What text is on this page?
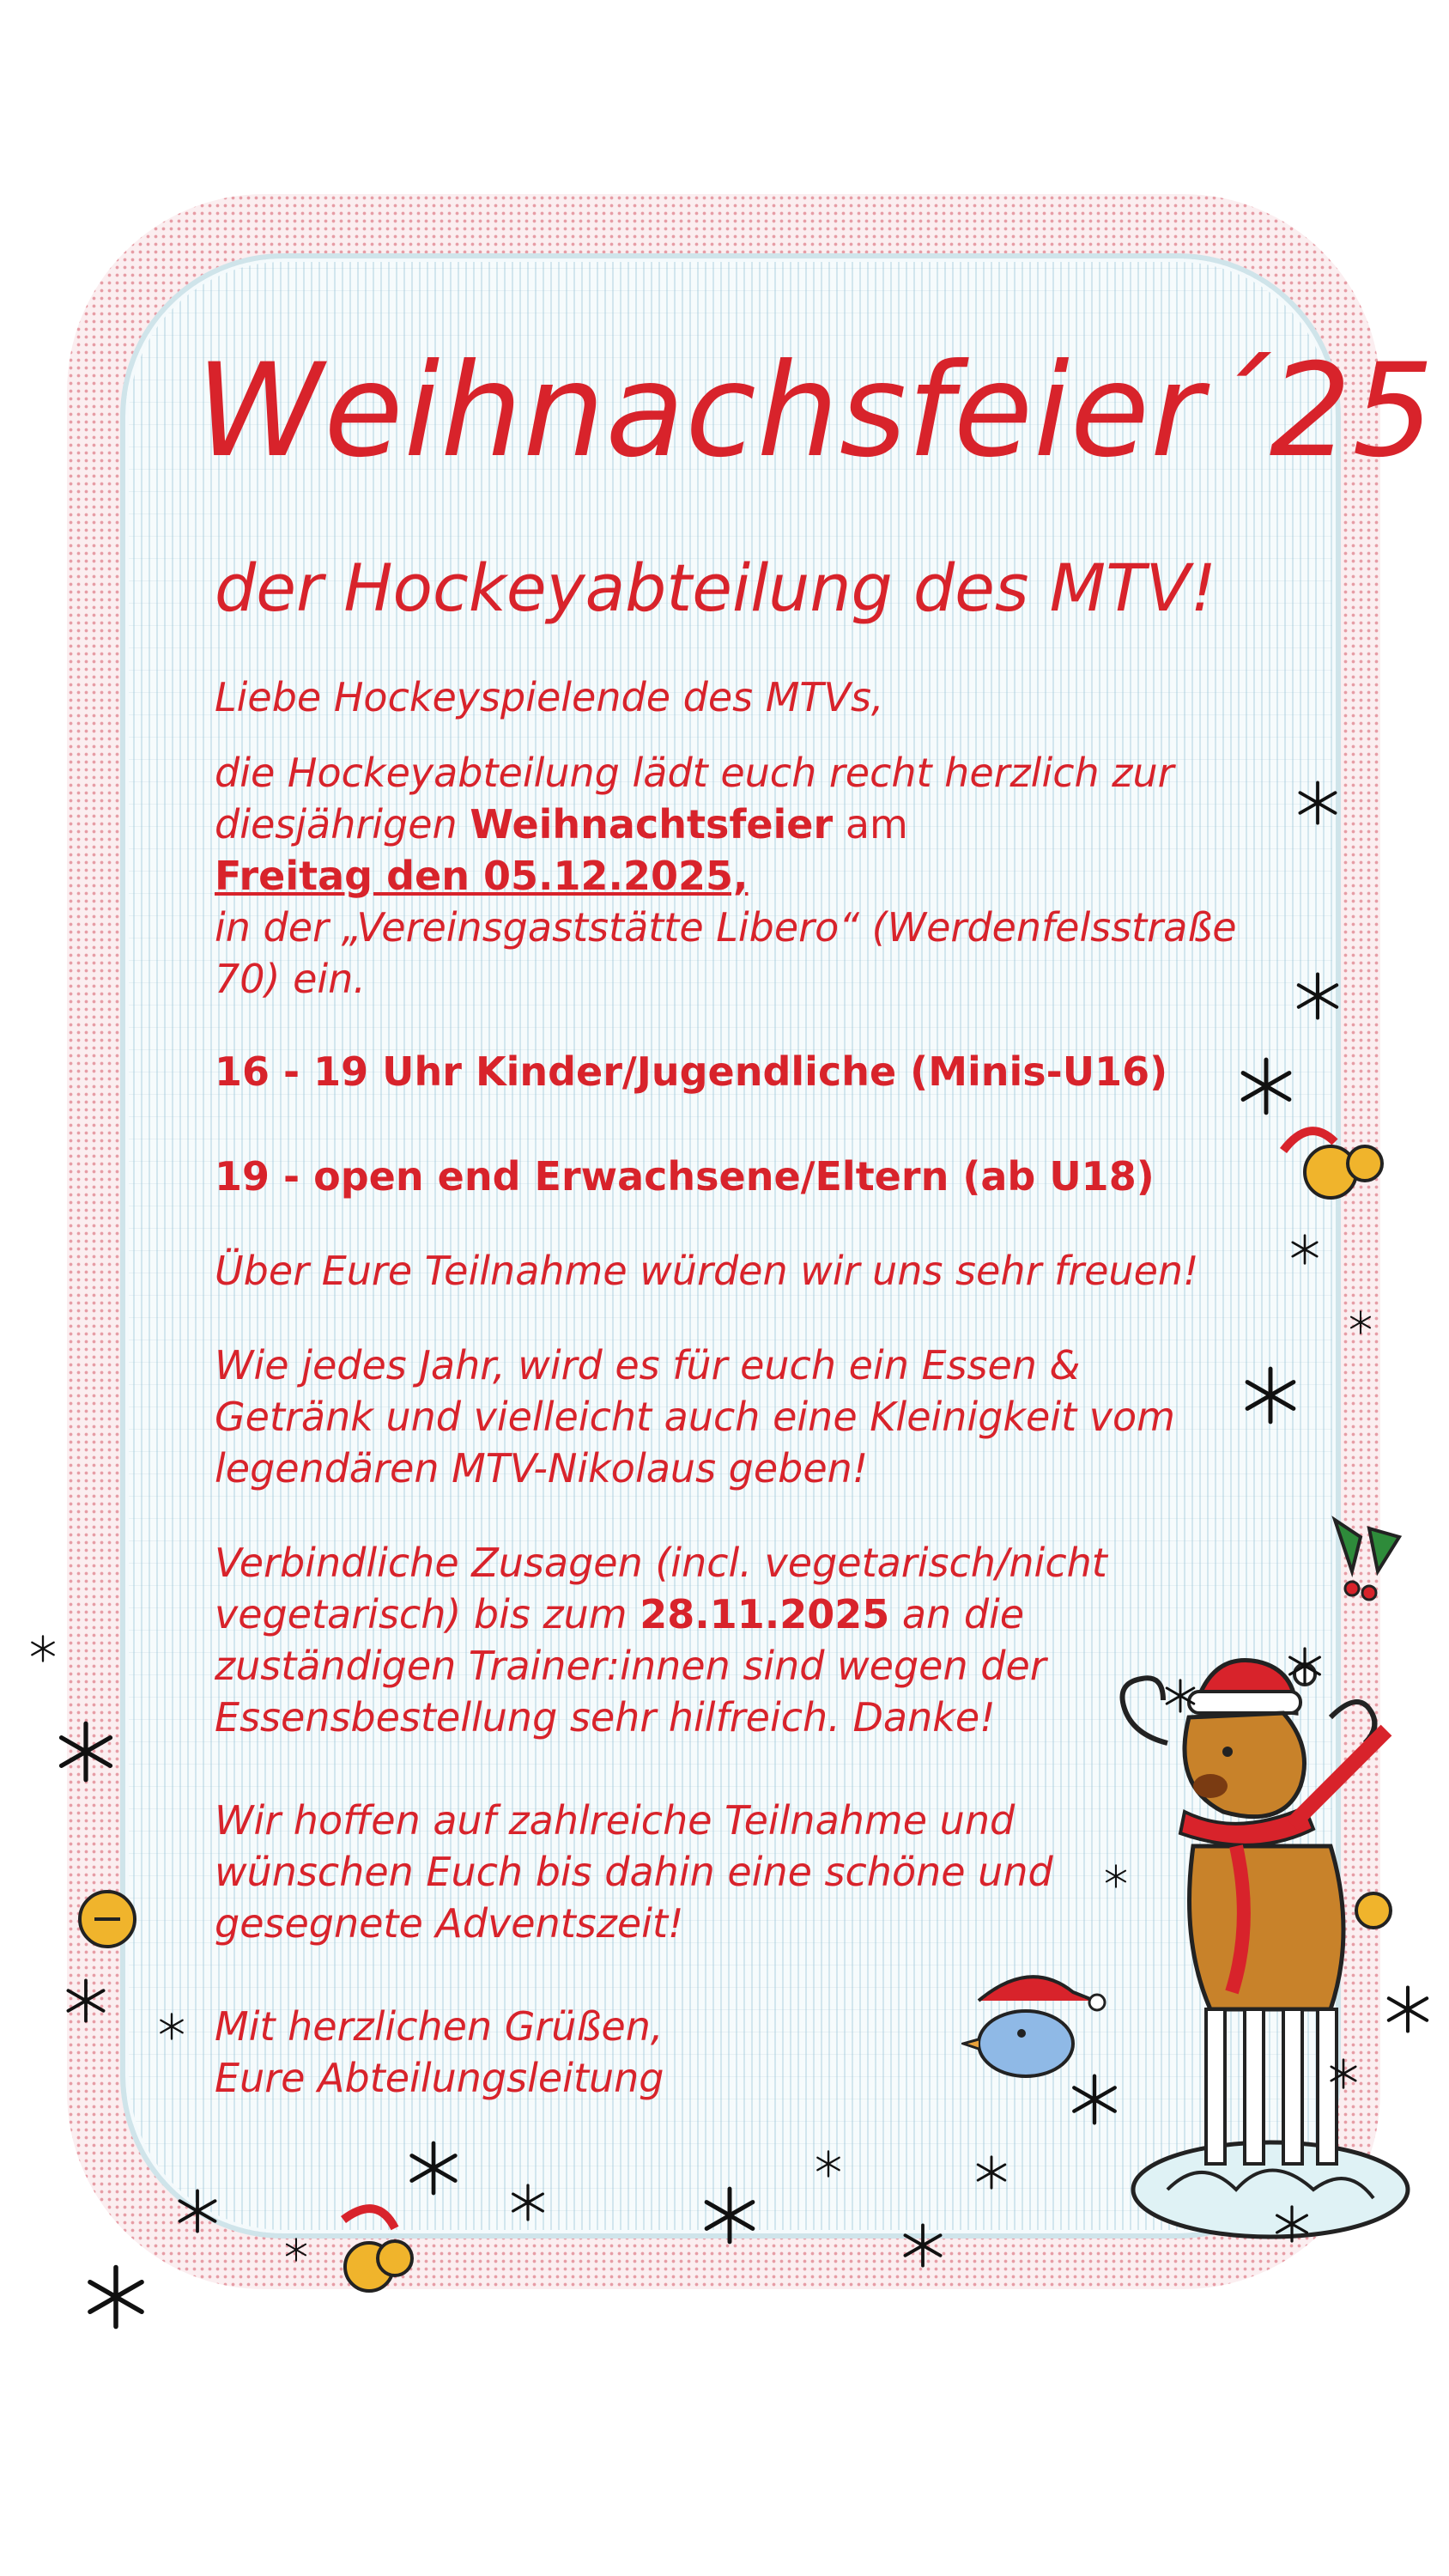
Weihnachsfeier´25
der Hockeyabteilung des MTV!

Liebe Hockeyspielende des MTVs,

die Hockeyabteilung lädt euch recht herzlich zur
diesjährigen Weihnachtsfeier am
Freitag den 05.12.2025,
in der „Vereinsgaststätte Libero“ (Werdenfelsstraße
70) ein.

16 - 19 Uhr Kinder/Jugendliche (Minis-U16)

19 - open end Erwachsene/Eltern (ab U18)

Über Eure Teilnahme würden wir uns sehr freuen!

Wie jedes Jahr, wird es für euch ein Essen &
Getränk und vielleicht auch eine Kleinigkeit vom
legendären MTV-Nikolaus geben!
Verbindliche Zusagen (incl. vegetarisch/nicht
vegetarisch) bis zum 28.11.2025 an die
zuständigen Trainer:innen sind wegen der
Essensbestellung sehr hilfreich. Danke!
Wir hoffen auf zahlreiche Teilnahme und
wünschen Euch bis dahin eine schöne und
gesegnete Adventszeit!
Mit herzlichen Grüßen,
Eure Abteilungsleitung
